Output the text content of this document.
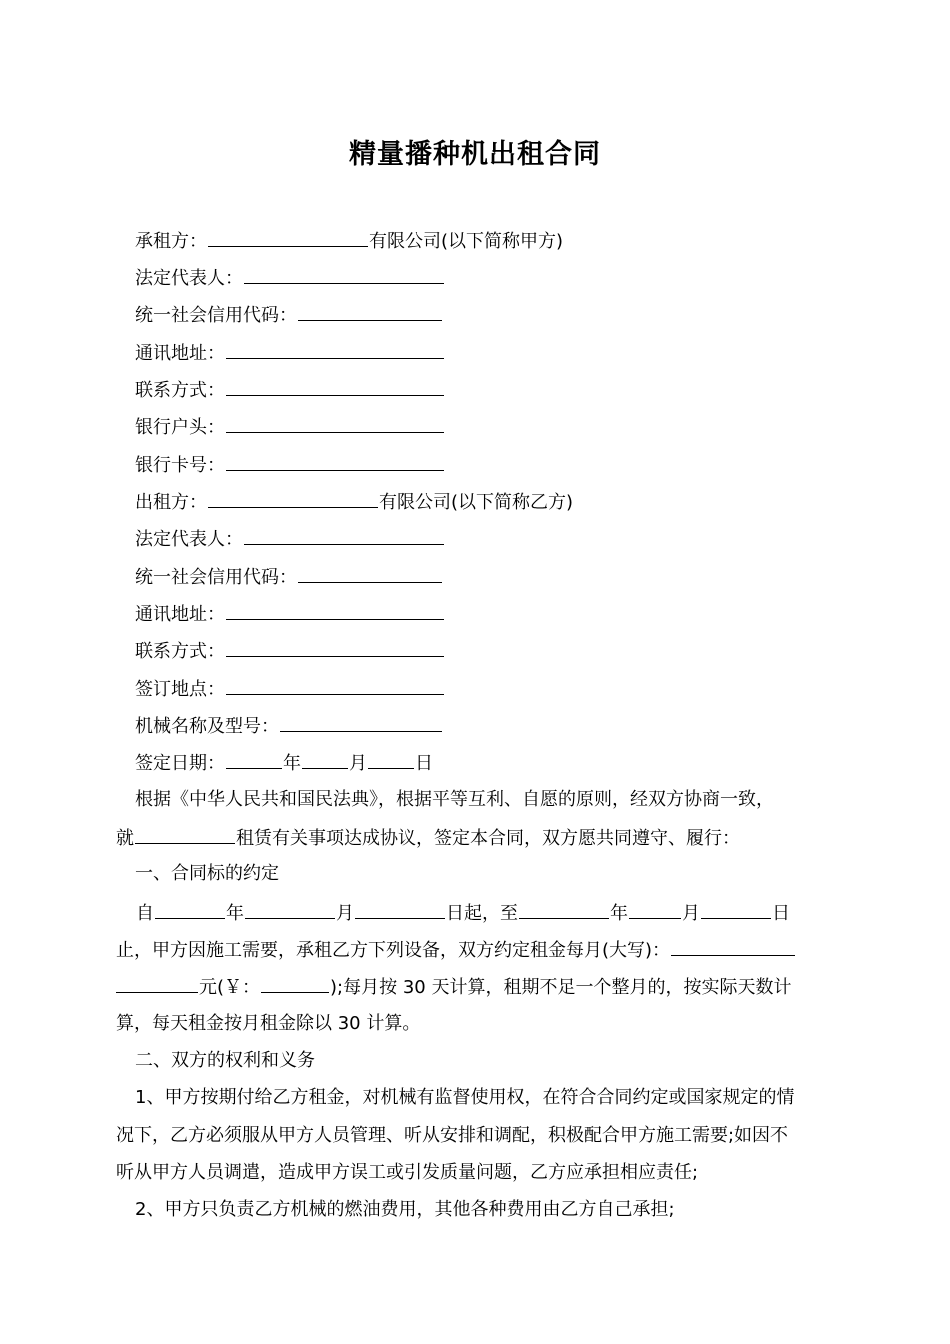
精量播种机出租合同
承租方：	有限公司(以下简称甲方)
法定代表人：
统一社会信用代码：
通讯地址：
联系方式：
银行户头：
银行卡号：
出租方：	有限公司(以下简称乙方)
法定代表人：
统一社会信用代码：
通讯地址：
联系方式：
签订地点：
机械名称及型号：
签定日期：	年	月	日
根据《中华人民共和国民法典》，根据平等互利、自愿的原则，经双方协商一致，
就	租赁有关事项达成协议，签定本合同，双方愿共同遵守、履行：
一、合同标的约定
自	年	月	日起，至	年	月	日
止，甲方因施工需要，承租乙方下列设备，双方约定租金每月(大写)：
元(￥：	);每月按 30 天计算，租期不足一个整月的，按实际天数计
算，每天租金按月租金除以 30 计算。
二、双方的权利和义务
1、甲方按期付给乙方租金，对机械有监督使用权，在符合合同约定或国家规定的情
况下，乙方必须服从甲方人员管理、听从安排和调配，积极配合甲方施工需要;如因不
听从甲方人员调遣，造成甲方误工或引发质量问题，乙方应承担相应责任;
2、甲方只负责乙方机械的燃油费用，其他各种费用由乙方自己承担;
